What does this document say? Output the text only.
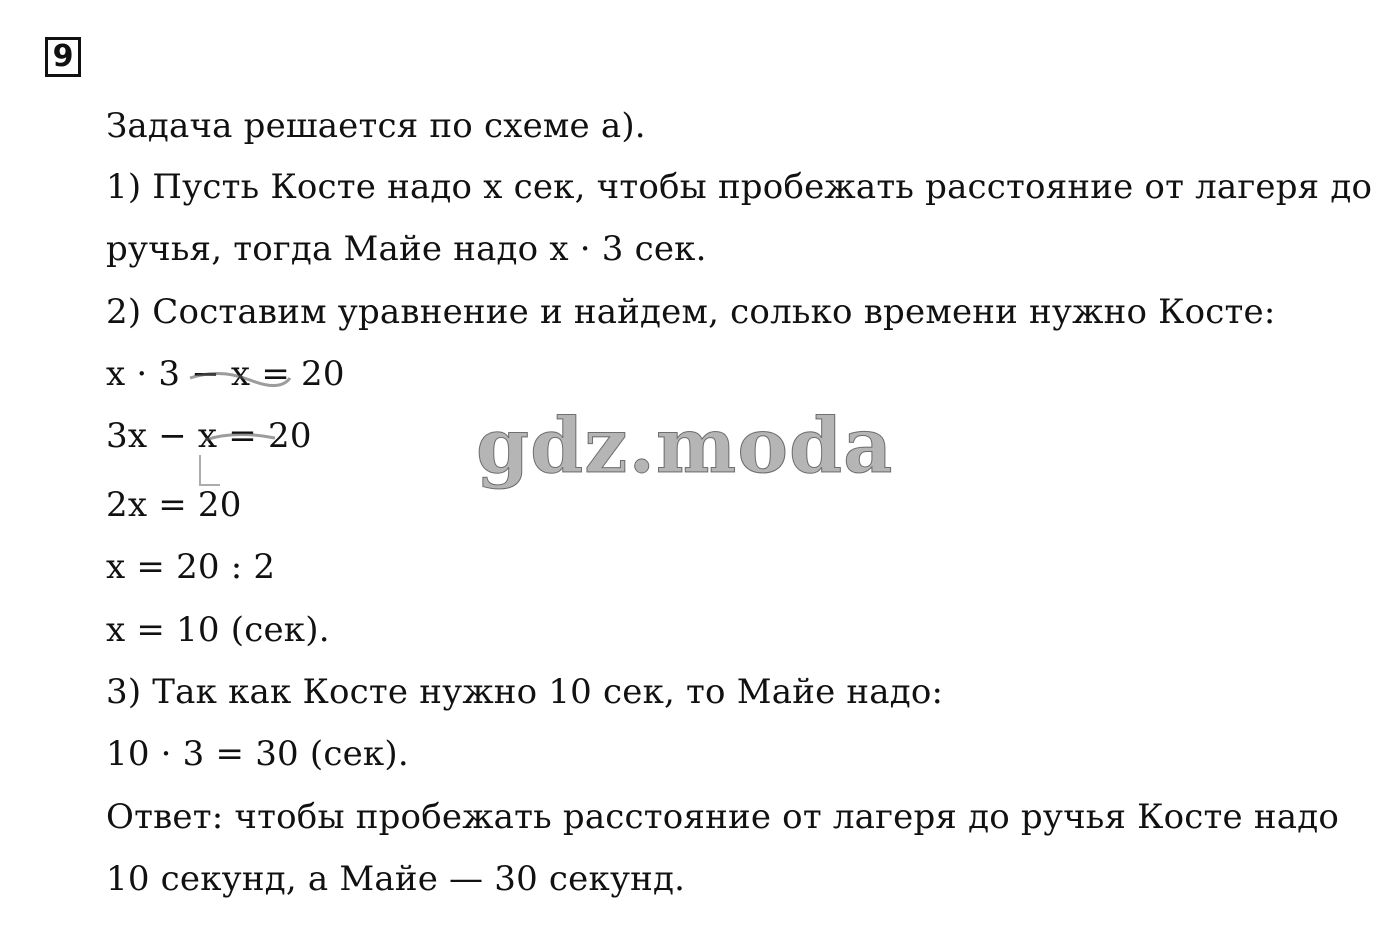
9
Задача решается по схеме а).
1) Пусть Косте надо x сек, чтобы пробежать расстояние от лагеря до
ручья, тогда Майе надо x · 3 сек.
2) Составим уравнение и найдем, солько времени нужно Косте:
x · 3 − x = 20
3x − x = 20
2x = 20
x = 20 : 2
x = 10 (сек).
3) Так как Косте нужно 10 сек, то Майе надо:
10 · 3 = 30 (сек).
Ответ: чтобы пробежать расстояние от лагеря до ручья Косте надо
10 секунд, а Майе — 30 секунд.
gdz.moda
